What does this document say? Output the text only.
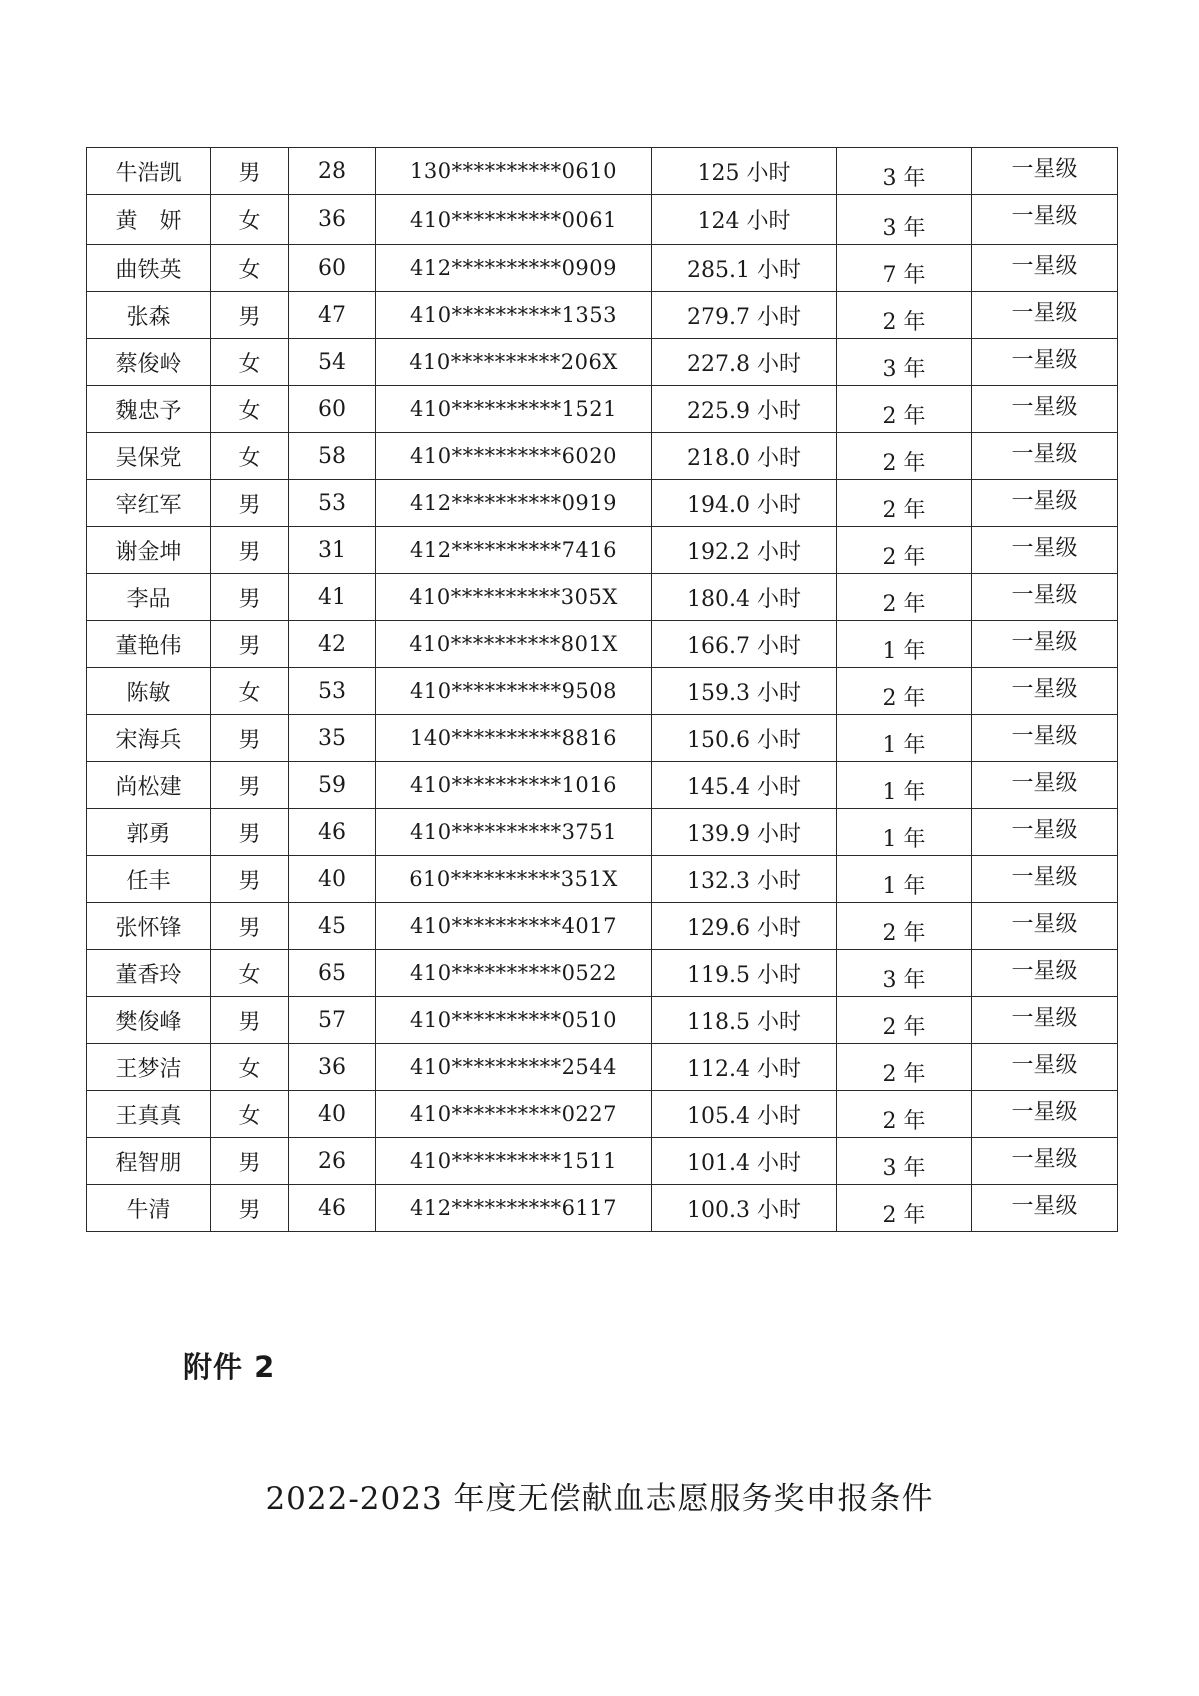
牛浩凯	男	28	130**********0610	125 小时	3 年	一星级
黄　妍	女	36	410**********0061	124 小时	3 年	一星级
曲铁英	女	60	412**********0909	285.1 小时	7 年	一星级
张森	男	47	410**********1353	279.7 小时	2 年	一星级
蔡俊岭	女	54	410**********206X	227.8 小时	3 年	一星级
魏忠予	女	60	410**********1521	225.9 小时	2 年	一星级
吴保党	女	58	410**********6020	218.0 小时	2 年	一星级
宰红军	男	53	412**********0919	194.0 小时	2 年	一星级
谢金坤	男	31	412**********7416	192.2 小时	2 年	一星级
李品	男	41	410**********305X	180.4 小时	2 年	一星级
董艳伟	男	42	410**********801X	166.7 小时	1 年	一星级
陈敏	女	53	410**********9508	159.3 小时	2 年	一星级
宋海兵	男	35	140**********8816	150.6 小时	1 年	一星级
尚松建	男	59	410**********1016	145.4 小时	1 年	一星级
郭勇	男	46	410**********3751	139.9 小时	1 年	一星级
任丰	男	40	610**********351X	132.3 小时	1 年	一星级
张怀锋	男	45	410**********4017	129.6 小时	2 年	一星级
董香玲	女	65	410**********0522	119.5 小时	3 年	一星级
樊俊峰	男	57	410**********0510	118.5 小时	2 年	一星级
王梦洁	女	36	410**********2544	112.4 小时	2 年	一星级
王真真	女	40	410**********0227	105.4 小时	2 年	一星级
程智朋	男	26	410**********1511	101.4 小时	3 年	一星级
牛清	男	46	412**********6117	100.3 小时	2 年	一星级
附件 2
2022-2023 年度无偿献血志愿服务奖申报条件
